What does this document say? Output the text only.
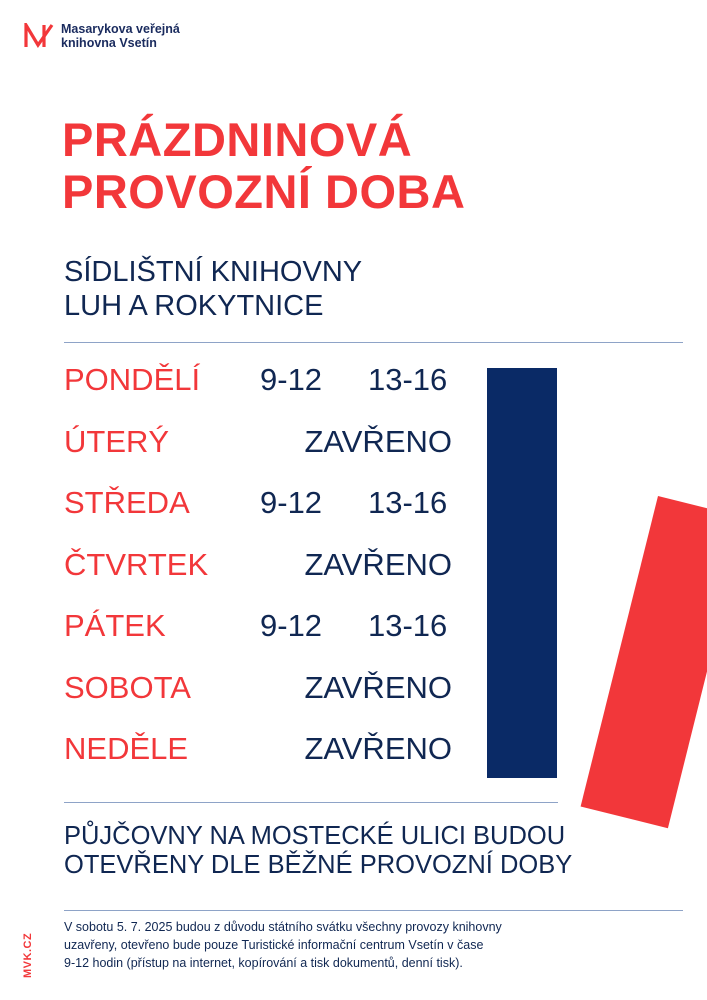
Masarykova veřejná
knihovna Vsetín
PRÁZDNINOVÁ
PROVOZNÍ DOBA
SÍDLIŠTNÍ KNIHOVNY
LUH A ROKYTNICE
PONDĚLÍ 9-12 13-16
ÚTERÝ	ZAVŘENO
STŘEDA 9-12 13-16
ČTVRTEK	ZAVŘENO
PÁTEK	9-12 13-16
SOBOTA	ZAVŘENO
NEDĚLE	ZAVŘENO
PŮJČOVNY NA MOSTECKÉ ULICI BUDOU
OTEVŘENY DLE BĚŽNÉ PROVOZNÍ DOBY
V sobotu 5. 7. 2025 budou z důvodu státního svátku všechny provozy knihovny
uzavřeny, otevřeno bude pouze Turistické informační centrum Vsetín v čase
9-12 hodin (přístup na internet, kopírování a tisk dokumentů, denní tisk).
MVK.CZ
